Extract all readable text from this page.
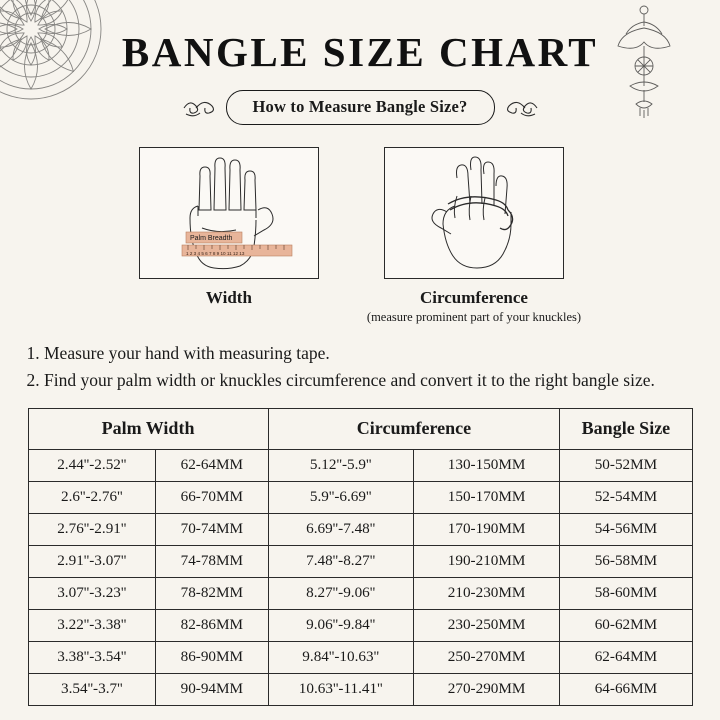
BANGLE SIZE CHART
How to Measure Bangle Size?
1 2 3 4 5 6 7 8 9 10 11 12 13
Palm Breadth
Width	Circumference
(measure prominent part of your knuckles)
1. Measure your hand with measuring tape.
2. Find your palm width or knuckles circumference and convert it to the right bangle size.
Palm Width		Circumference		Bangle Size
2.44''-2.52''	62-64MM	5.12''-5.9''	130-150MM	50-52MM
2.6''-2.76''	66-70MM	5.9''-6.69''	150-170MM	52-54MM
2.76''-2.91''	70-74MM	6.69''-7.48''	170-190MM	54-56MM
2.91''-3.07''	74-78MM	7.48''-8.27''	190-210MM	56-58MM
3.07''-3.23''	78-82MM	8.27''-9.06''	210-230MM	58-60MM
3.22''-3.38''	82-86MM	9.06''-9.84''	230-250MM	60-62MM
3.38''-3.54''	86-90MM	9.84''-10.63''	250-270MM	62-64MM
3.54''-3.7''	90-94MM	10.63''-11.41''	270-290MM	64-66MM
